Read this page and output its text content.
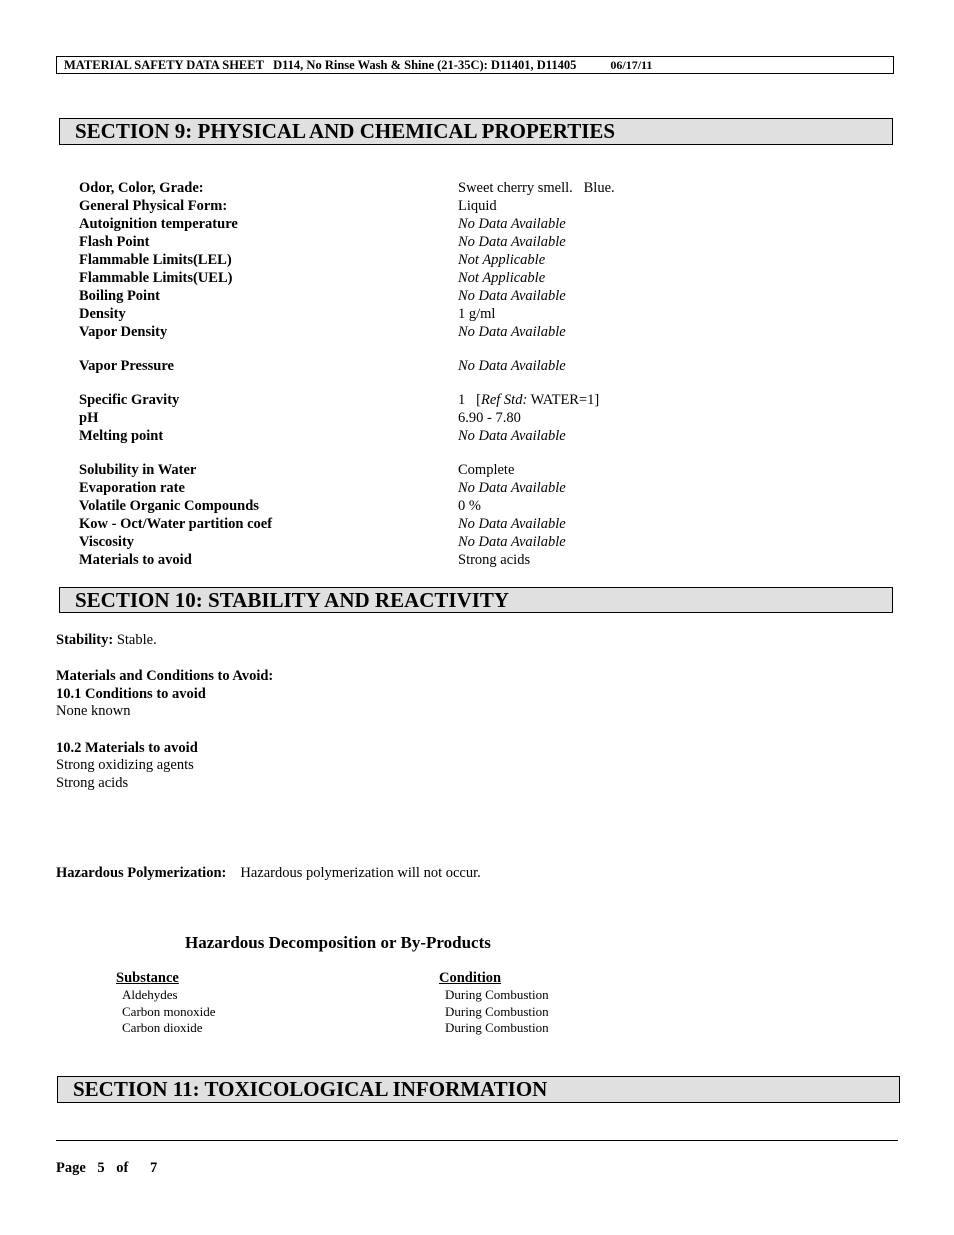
MATERIAL SAFETY DATA SHEET   D114, No Rinse Wash & Shine (21-35C): D11401, D11405	06/17/11
SECTION 9: PHYSICAL AND CHEMICAL PROPERTIES
Odor, Color, Grade:	Sweet cherry smell.   Blue.
General Physical Form:	Liquid
Autoignition temperature	No Data Available
Flash Point	No Data Available
Flammable Limits(LEL)	Not Applicable
Flammable Limits(UEL)	Not Applicable
Boiling Point	No Data Available
Density	1 g/ml
Vapor Density	No Data Available
Vapor Pressure	No Data Available
Specific Gravity	1   [Ref Std: WATER=1]
pH	6.90 - 7.80
Melting point	No Data Available
Solubility in Water	Complete
Evaporation rate	No Data Available
Volatile Organic Compounds	0 %
Kow - Oct/Water partition coef	No Data Available
Viscosity	No Data Available
Materials to avoid	Strong acids
SECTION 10: STABILITY AND REACTIVITY
Stability: Stable.
Materials and Conditions to Avoid:
10.1 Conditions to avoid
None known
10.2 Materials to avoid
Strong oxidizing agents
Strong acids
Hazardous Polymerization: Hazardous polymerization will not occur.
Hazardous Decomposition or By-Products
Substance	Condition
Aldehydes	During Combustion
Carbon monoxide	During Combustion
Carbon dioxide	During Combustion
SECTION 11: TOXICOLOGICAL INFORMATION
Page 5 of 7
